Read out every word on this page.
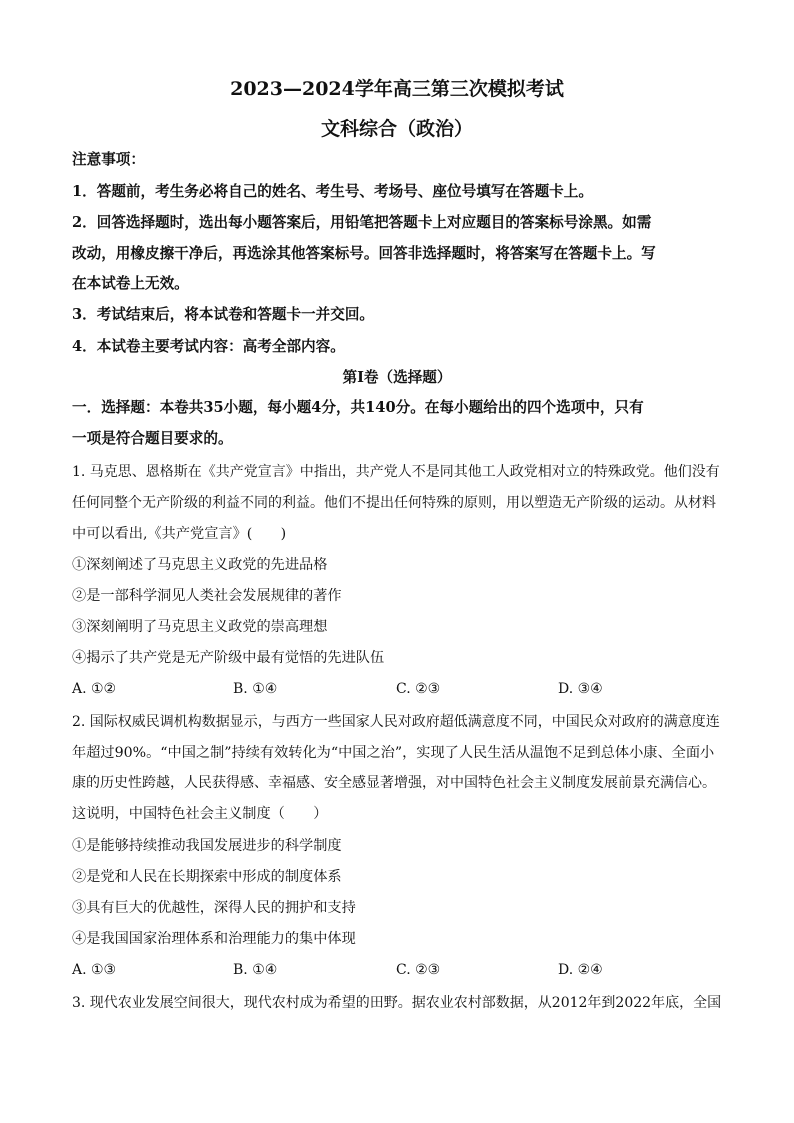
2023—2024学年高三第三次模拟考试
文科综合（政治）
注意事项：
1．答题前，考生务必将自己的姓名、考生号、考场号、座位号填写在答题卡上。
2．回答选择题时，选出每小题答案后，用铅笔把答题卡上对应题目的答案标号涂黑。如需
改动，用橡皮擦干净后，再选涂其他答案标号。回答非选择题时，将答案写在答题卡上。写
在本试卷上无效。
3．考试结束后，将本试卷和答题卡一并交回。
4．本试卷主要考试内容：高考全部内容。
第Ⅰ卷（选择题）
一．选择题：本卷共35小题，每小题4分，共140分。在每小题给出的四个选项中，只有
一项是符合题目要求的。
1. 马克思、恩格斯在《共产党宣言》中指出，共产党人不是同其他工人政党相对立的特殊政党。他们没有
任何同整个无产阶级的利益不同的利益。他们不提出任何特殊的原则，用以塑造无产阶级的运动。从材料
中可以看出,《共产党宣言》(　　)
①深刻阐述了马克思主义政党的先进品格
②是一部科学洞见人类社会发展规律的著作
③深刻阐明了马克思主义政党的崇高理想
④揭示了共产党是无产阶级中最有觉悟的先进队伍
A. ①②	B. ①④	C. ②③	D. ③④
2. 国际权威民调机构数据显示，与西方一些国家人民对政府超低满意度不同，中国民众对政府的满意度连
年超过90%。“中国之制”持续有效转化为“中国之治”，实现了人民生活从温饱不足到总体小康、全面小
康的历史性跨越，人民获得感、幸福感、安全感显著增强，对中国特色社会主义制度发展前景充满信心。
这说明，中国特色社会主义制度（　　）
①是能够持续推动我国发展进步的科学制度
②是党和人民在长期探索中形成的制度体系
③具有巨大的优越性，深得人民的拥护和支持
④是我国国家治理体系和治理能力的集中体现
A. ①③	B. ①④	C. ②③	D. ②④
3. 现代农业发展空间很大，现代农村成为希望的田野。据农业农村部数据，从2012年到2022年底，全国
